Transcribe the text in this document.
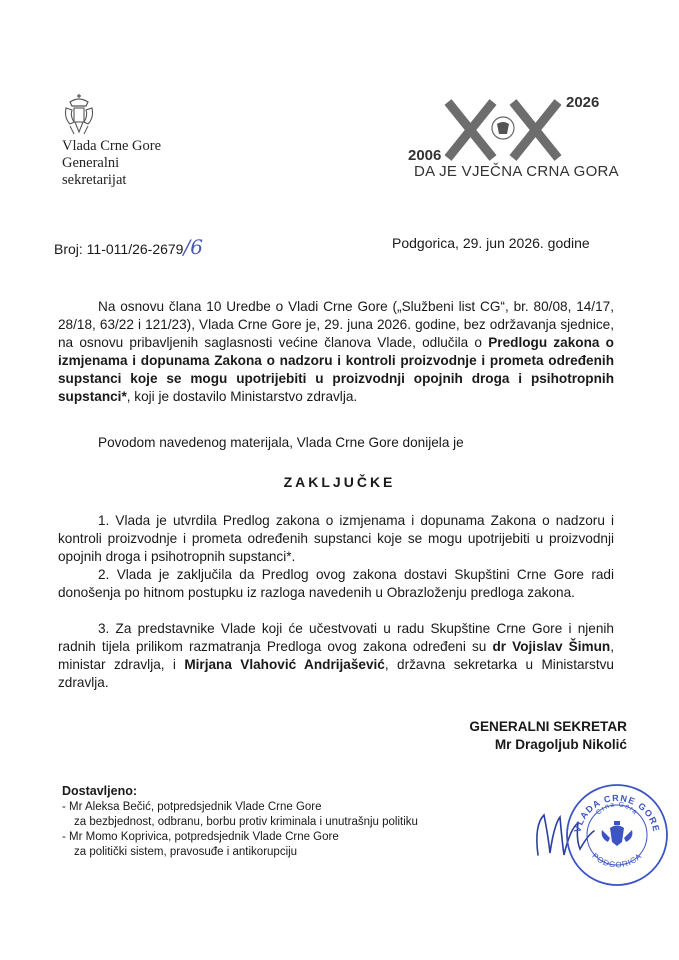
Vlada Crne Gore
Generalni
sekretarijat
2026
2006
DA JE VJEČNA CRNA GORA
Broj: 11-011/26-2679/6	Podgorica, 29. jun 2026. godine
Na osnovu člana 10 Uredbe o Vladi Crne Gore („Službeni list CG“, br. 80/08, 14/17, 28/18, 63/22 i 121/23), Vlada Crne Gore je, 29. juna 2026. godine, bez održavanja sjednice, na osnovu pribavljenih saglasnosti većine članova Vlade, odlučila o Predlogu zakona o izmjenama i dopunama Zakona o nadzoru i kontroli proizvodnje i prometa određenih supstanci koje se mogu upotrijebiti u proizvodnji opojnih droga i psihotropnih supstanci*, koji je dostavilo Ministarstvo zdravlja.
Povodom navedenog materijala, Vlada Crne Gore donijela je
ZAKLJUČKE
1. Vlada je utvrdila Predlog zakona o izmjenama i dopunama Zakona o nadzoru i kontroli proizvodnje i prometa određenih supstanci koje se mogu upotrijebiti u proizvodnji opojnih droga i psihotropnih supstanci*.
2. Vlada je zaključila da Predlog ovog zakona dostavi Skupštini Crne Gore radi donošenja po hitnom postupku iz razloga navedenih u Obrazloženju predloga zakona.
3. Za predstavnike Vlade koji će učestvovati u radu Skupštine Crne Gore i njenih radnih tijela prilikom razmatranja Predloga ovog zakona određeni su dr Vojislav Šimun, ministar zdravlja, i Mirjana Vlahović Andrijašević, državna sekretarka u Ministarstvu zdravlja.
GENERALNI SEKRETAR
Mr Dragoljub Nikolić
Dostavljeno:
- Mr Aleksa Bečić, potpredsjednik Vlade Crne Gore
za bezbjednost, odbranu, borbu protiv kriminala i unutrašnju politiku
- Mr Momo Koprivica, potpredsjednik Vlade Crne Gore
za politički sistem, pravosuđe i antikorupciju
VLADA CRNE GORE
Crna Gora
PODGORICA
